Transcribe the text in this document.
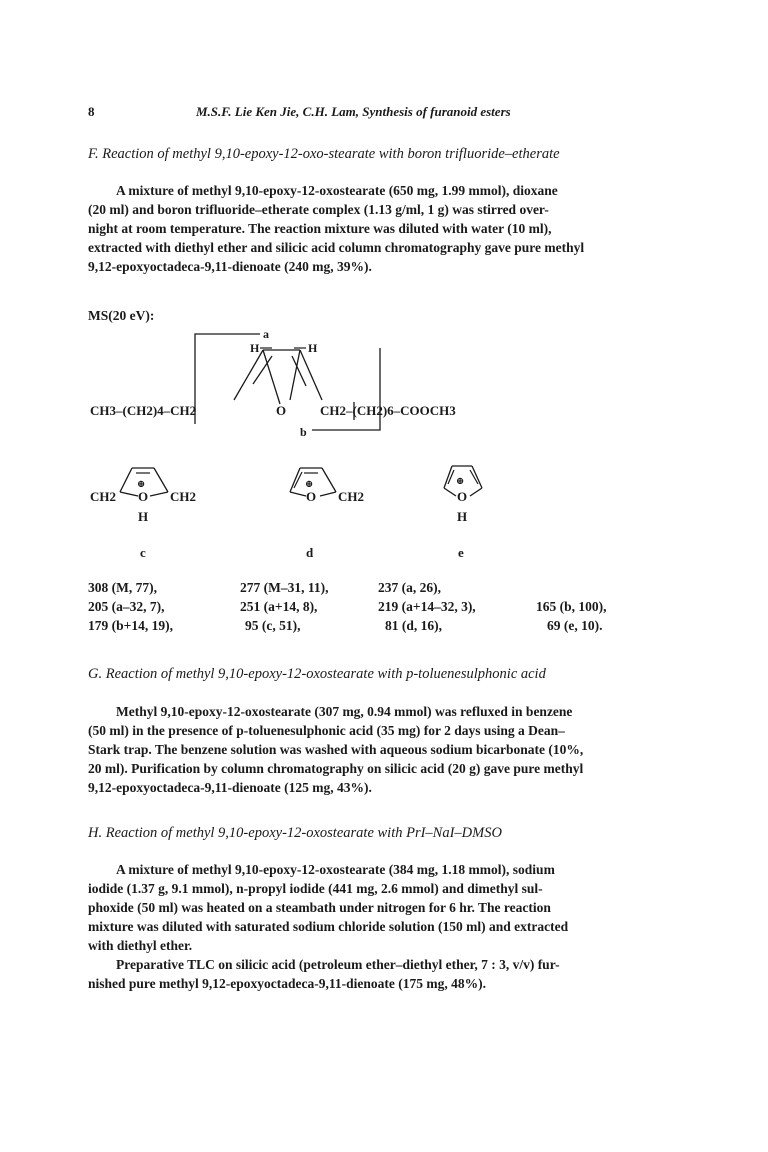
8	M.S.F. Lie Ken Jie, C.H. Lam, Synthesis of furanoid esters
F. Reaction of methyl 9,10-epoxy-12-oxo-stearate with boron trifluoride–etherate
A mixture of methyl 9,10-epoxy-12-oxostearate (650 mg, 1.99 mmol), dioxane
(20 ml) and boron trifluoride–etherate complex (1.13 g/ml, 1 g) was stirred over-
night at room temperature. The reaction mixture was diluted with water (10 ml),
extracted with diethyl ether and silicic acid column chromatography gave pure methyl
9,12-epoxyoctadeca-9,11-dienoate (240 mg, 39%).
MS(20 eV):
a
b
CH3–(CH2)4–CH2	CH2–(CH2)6–COOCH3
O
H	H
⊕
O
CH2	CH2
H
c
⊕
O CH2
d
⊕
O
H
e
308 (M, 77),	277 (M–31, 11),	237 (a, 26),
205 (a–32, 7),	251 (a+14, 8),	219 (a+14–32, 3),	165 (b, 100),
179 (b+14, 19),	95 (c, 51),	81 (d, 16),	69 (e, 10).
G. Reaction of methyl 9,10-epoxy-12-oxostearate with p-toluenesulphonic acid
Methyl 9,10-epoxy-12-oxostearate (307 mg, 0.94 mmol) was refluxed in benzene
(50 ml) in the presence of p-toluenesulphonic acid (35 mg) for 2 days using a Dean–
Stark trap. The benzene solution was washed with aqueous sodium bicarbonate (10%,
20 ml). Purification by column chromatography on silicic acid (20 g) gave pure methyl
9,12-epoxyoctadeca-9,11-dienoate (125 mg, 43%).
H. Reaction of methyl 9,10-epoxy-12-oxostearate with PrI–NaI–DMSO
A mixture of methyl 9,10-epoxy-12-oxostearate (384 mg, 1.18 mmol), sodium
iodide (1.37 g, 9.1 mmol), n-propyl iodide (441 mg, 2.6 mmol) and dimethyl sul-
phoxide (50 ml) was heated on a steambath under nitrogen for 6 hr. The reaction
mixture was diluted with saturated sodium chloride solution (150 ml) and extracted
with diethyl ether.
Preparative TLC on silicic acid (petroleum ether–diethyl ether, 7 : 3, v/v) fur-
nished pure methyl 9,12-epoxyoctadeca-9,11-dienoate (175 mg, 48%).
